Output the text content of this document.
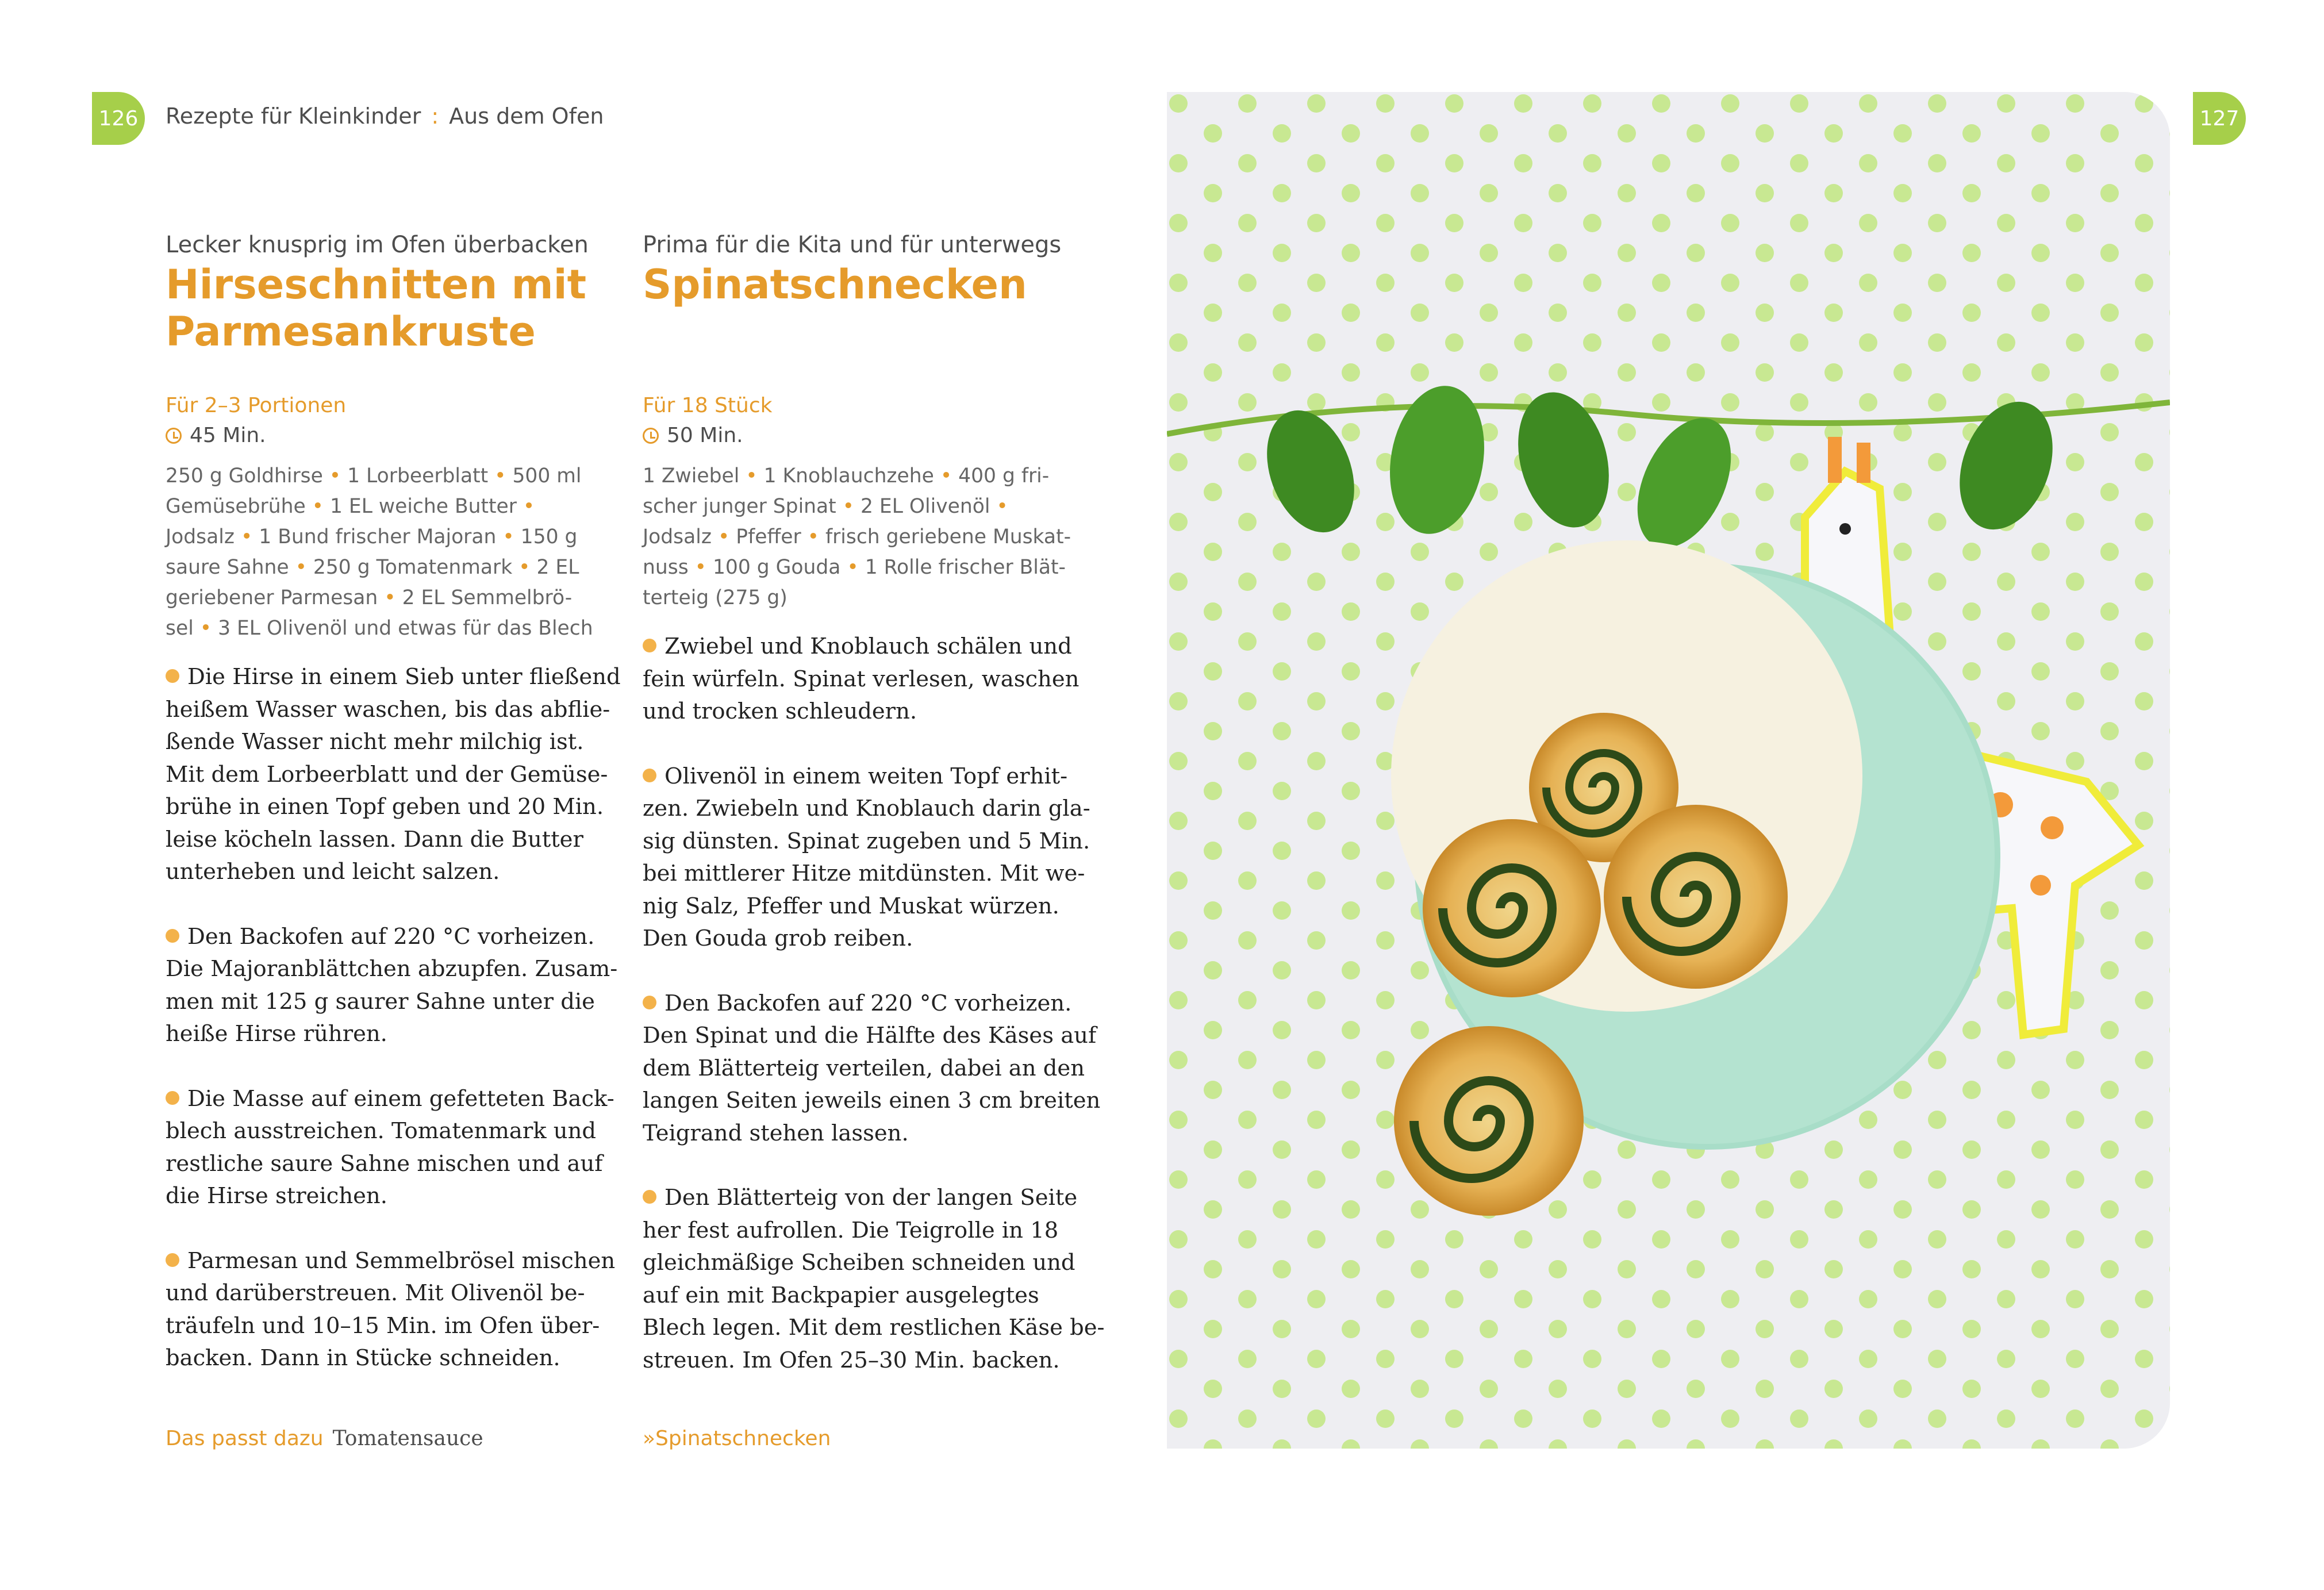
126	127
Rezepte für Kleinkinder : Aus dem Ofen
Lecker knusprig im Ofen überbacken
Hirseschnitten mit
Parmesankruste
Für 2–3 Portionen
45 Min.
250 g Goldhirse • 1 Lorbeerblatt • 500 ml
Gemüsebrühe • 1 EL weiche Butter •
Jodsalz • 1 Bund frischer Majoran • 150 g
saure Sahne • 250 g Tomatenmark • 2 EL
geriebener Parmesan • 2 EL Semmelbrö-
sel • 3 EL Olivenöl und etwas für das Blech
Die Hirse in einem Sieb unter fließend
heißem Wasser waschen, bis das abflie-
ßende Wasser nicht mehr milchig ist.
Mit dem Lorbeerblatt und der Gemüse-
brühe in einen Topf geben und 20 Min.
leise köcheln lassen. Dann die Butter
unterheben und leicht salzen.
Den Backofen auf 220 °C vorheizen.
Die Majoranblättchen abzupfen. Zusam-
men mit 125 g saurer Sahne unter die
heiße Hirse rühren.
Die Masse auf einem gefetteten Back-
blech ausstreichen. Tomatenmark und
restliche saure Sahne mischen und auf
die Hirse streichen.
Parmesan und Semmelbrösel mischen
und darüberstreuen. Mit Olivenöl be-
träufeln und 10–15 Min. im Ofen über-
backen. Dann in Stücke schneiden.
Prima für die Kita und für unterwegs
Spinatschnecken
Für 18 Stück
50 Min.
1 Zwiebel • 1 Knoblauchzehe • 400 g fri-
scher junger Spinat • 2 EL Olivenöl •
Jodsalz • Pfeffer • frisch geriebene Muskat-
nuss • 100 g Gouda • 1 Rolle frischer Blät-
terteig (275 g)
Zwiebel und Knoblauch schälen und
fein würfeln. Spinat verlesen, waschen
und trocken schleudern.
Olivenöl in einem weiten Topf erhit-
zen. Zwiebeln und Knoblauch darin gla-
sig dünsten. Spinat zugeben und 5 Min.
bei mittlerer Hitze mitdünsten. Mit we-
nig Salz, Pfeffer und Muskat würzen.
Den Gouda grob reiben.
Den Backofen auf 220 °C vorheizen.
Den Spinat und die Hälfte des Käses auf
dem Blätterteig verteilen, dabei an den
langen Seiten jeweils einen 3 cm breiten
Teigrand stehen lassen.
Den Blätterteig von der langen Seite
her fest aufrollen. Die Teigrolle in 18
gleichmäßige Scheiben schneiden und
auf ein mit Backpapier ausgelegtes
Blech legen. Mit dem restlichen Käse be-
streuen. Im Ofen 25–30 Min. backen.
Das passt dazu Tomatensauce	»Spinatschnecken
